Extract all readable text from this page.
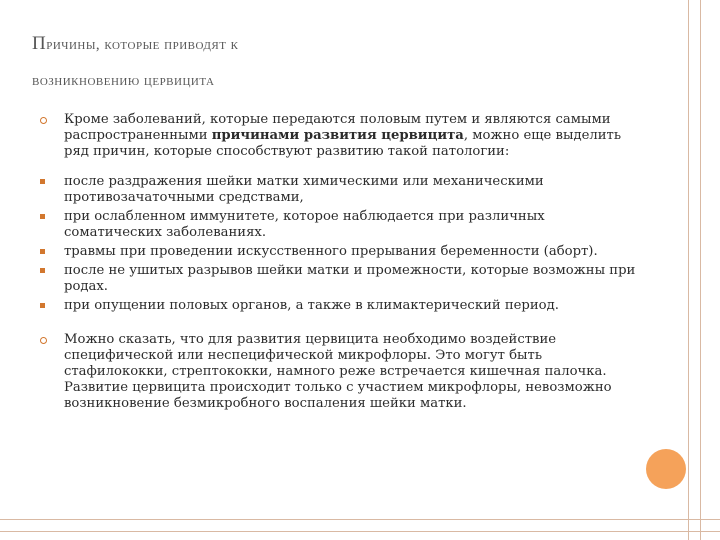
Причины, которые приводят к
возникновению цервицита
Кроме заболеваний, которые передаются половым путем и являются самыми распространенными причинами развития цервицита, можно еще выделить ряд причин, которые способствуют развитию такой патологии:
после раздражения шейки матки химическими или механическими противозачаточными средствами,
при ослабленном иммунитете, которое наблюдается при различных соматических заболеваниях.
травмы при проведении искусственного прерывания беременности (аборт).
после не ушитых разрывов шейки матки и промежности, которые возможны при родах.
при опущении половых органов, а также в климактерический период.
Можно сказать, что для развития цервицита необходимо воздействие специфической или неспецифической микрофлоры. Это могут быть стафилококки, стрептококки, намного реже встречается кишечная палочка. Развитие цервицита происходит только с участием микрофлоры, невозможно возникновение безмикробного воспаления шейки матки.
